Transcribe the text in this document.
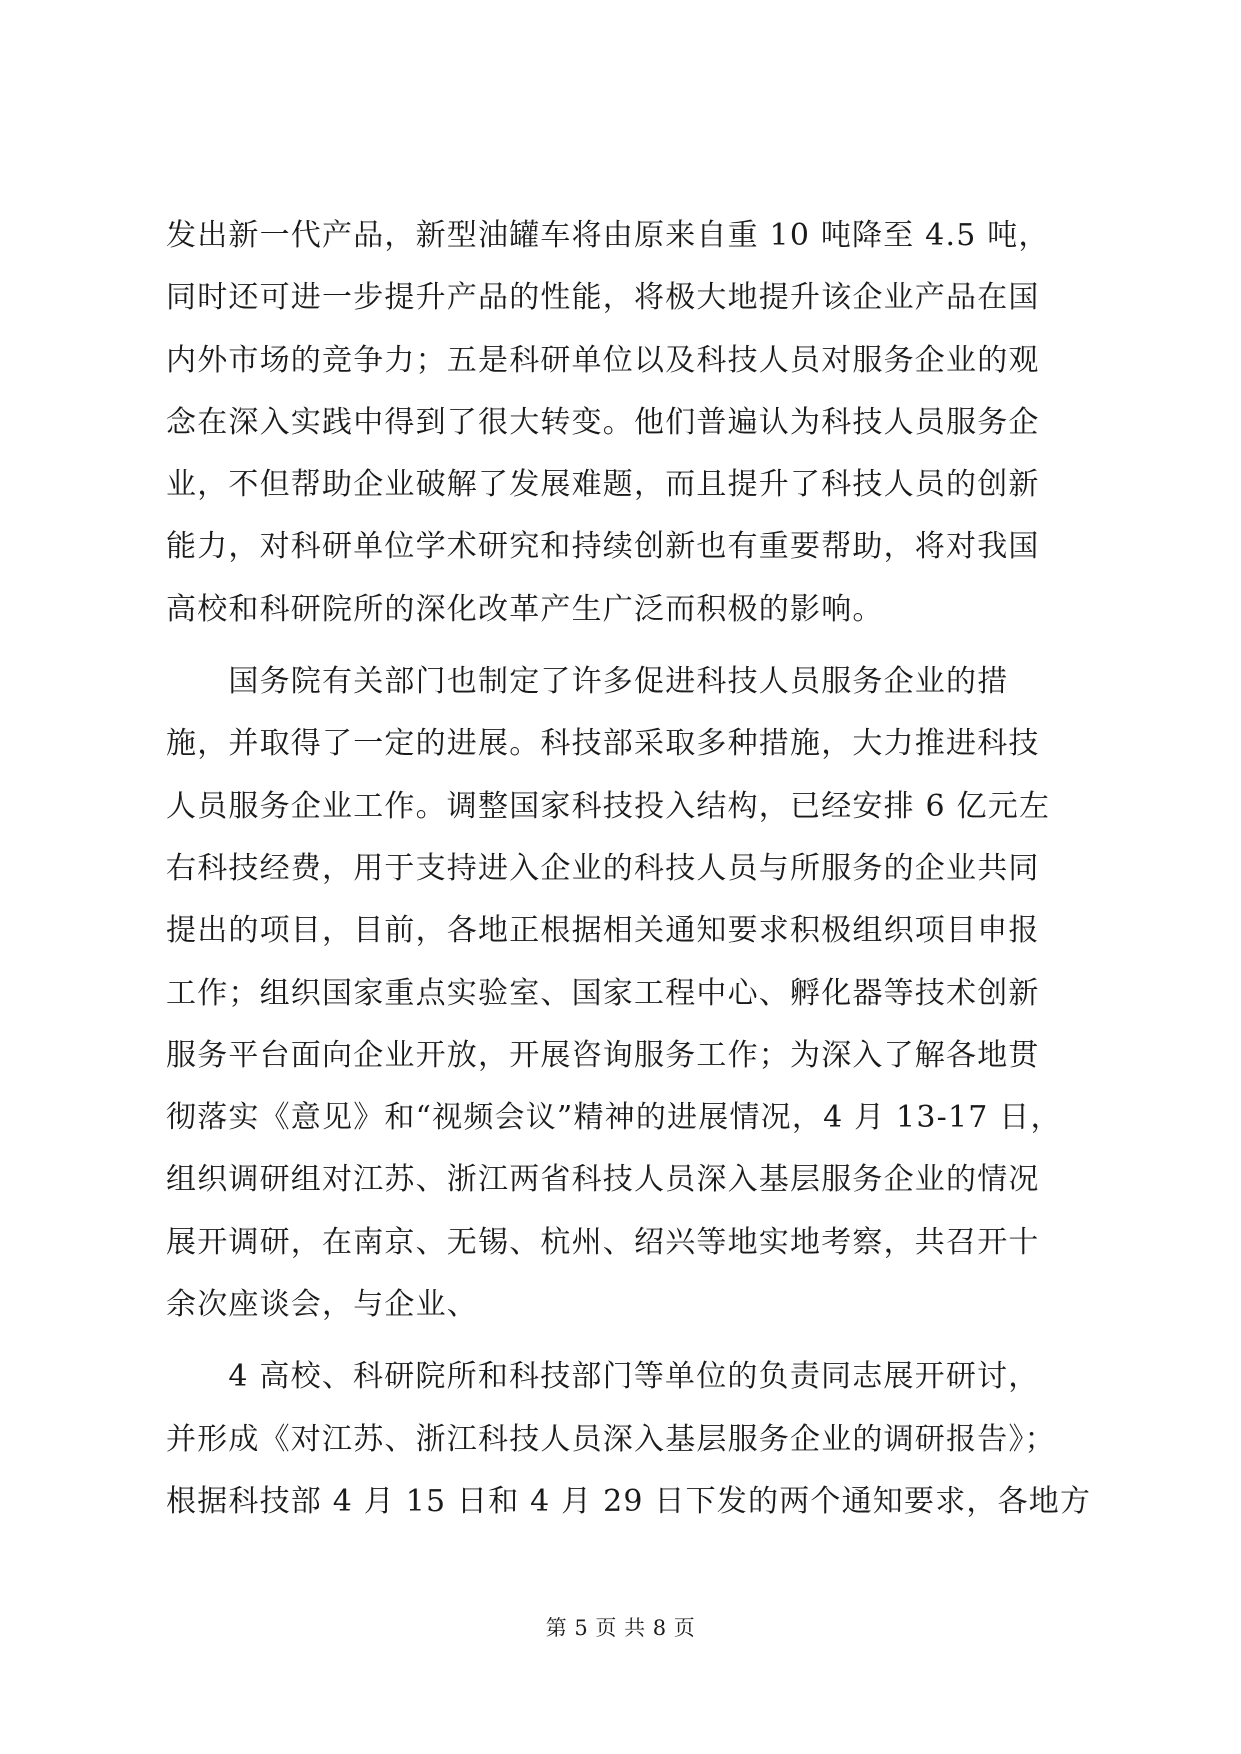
发出新一代产品，新型油罐车将由原来自重 10 吨降至 4.5 吨，
同时还可进一步提升产品的性能，将极大地提升该企业产品在国
内外市场的竞争力；五是科研单位以及科技人员对服务企业的观
念在深入实践中得到了很大转变。他们普遍认为科技人员服务企
业，不但帮助企业破解了发展难题，而且提升了科技人员的创新
能力，对科研单位学术研究和持续创新也有重要帮助，将对我国
高校和科研院所的深化改革产生广泛而积极的影响。
　　国务院有关部门也制定了许多促进科技人员服务企业的措
施，并取得了一定的进展。科技部采取多种措施，大力推进科技
人员服务企业工作。调整国家科技投入结构，已经安排 6 亿元左
右科技经费，用于支持进入企业的科技人员与所服务的企业共同
提出的项目，目前，各地正根据相关通知要求积极组织项目申报
工作；组织国家重点实验室、国家工程中心、孵化器等技术创新
服务平台面向企业开放，开展咨询服务工作；为深入了解各地贯
彻落实《意见》和“视频会议”精神的进展情况，4 月 13-17 日，
组织调研组对江苏、浙江两省科技人员深入基层服务企业的情况
展开调研，在南京、无锡、杭州、绍兴等地实地考察，共召开十
余次座谈会，与企业、
　　4 高校、科研院所和科技部门等单位的负责同志展开研讨，
并形成《对江苏、浙江科技人员深入基层服务企业的调研报告》；
根据科技部 4 月 15 日和 4 月 29 日下发的两个通知要求，各地方
第 5 页 共 8 页
